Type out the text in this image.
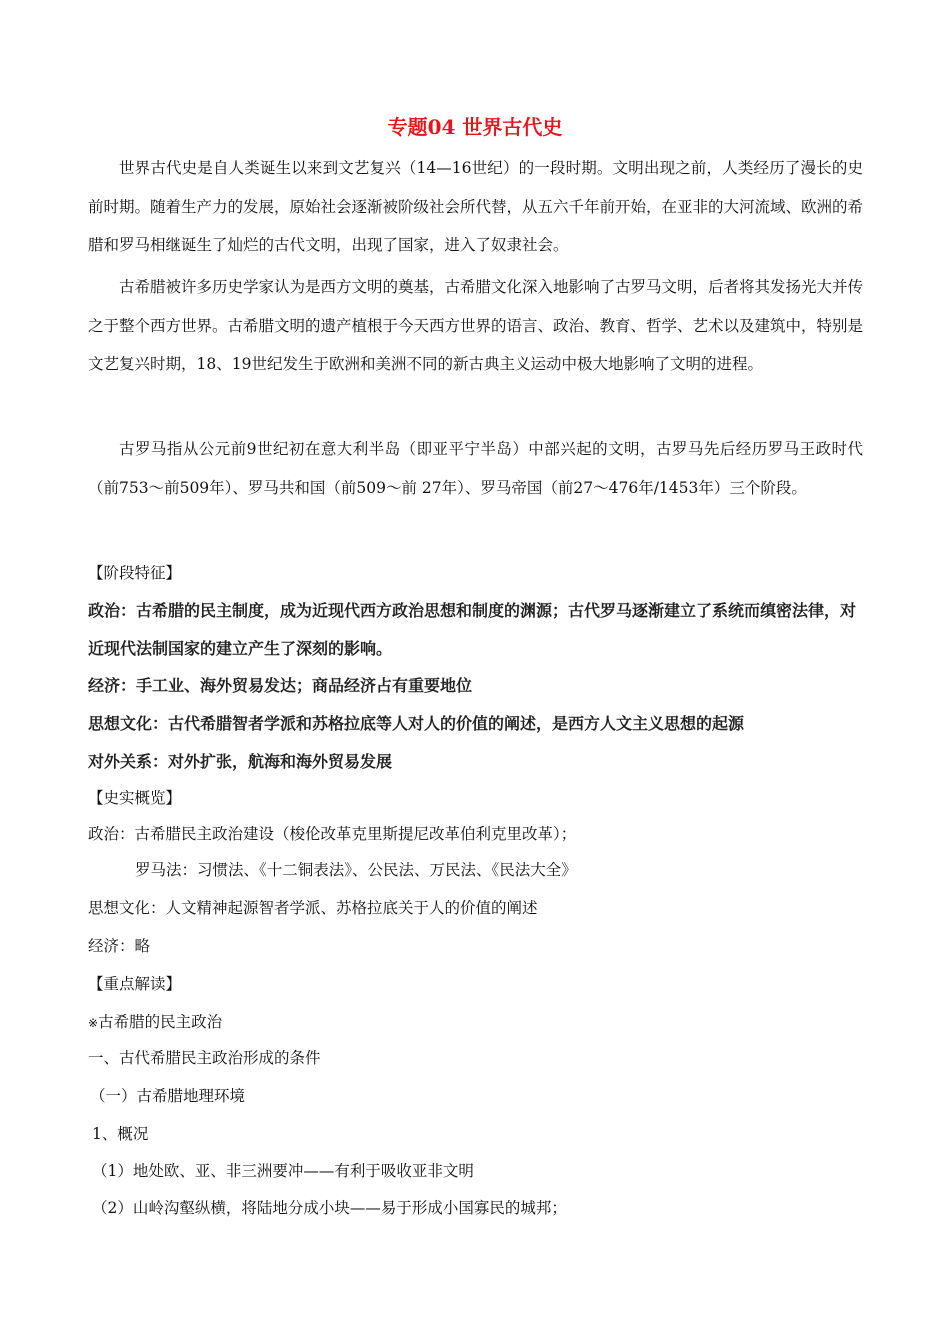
专题04 世界古代史

世界古代史是自人类诞生以来到文艺复兴（14—16世纪）的一段时期。文明出现之前，人类经历了漫长的史前时期。随着生产力的发展，原始社会逐渐被阶级社会所代替，从五六千年前开始，在亚非的大河流域、欧洲的希腊和罗马相继诞生了灿烂的古代文明，出现了国家，进入了奴隶社会。

古希腊被许多历史学家认为是西方文明的奠基，古希腊文化深入地影响了古罗马文明，后者将其发扬光大并传之于整个西方世界。古希腊文明的遗产植根于今天西方世界的语言、政治、教育、哲学、艺术以及建筑中，特别是文艺复兴时期，18、19世纪发生于欧洲和美洲不同的新古典主义运动中极大地影响了文明的进程。

古罗马指从公元前9世纪初在意大利半岛（即亚平宁半岛）中部兴起的文明，古罗马先后经历罗马王政时代（前753～前509年）、罗马共和国（前509～前 27年）、罗马帝国（前27～476年/1453年）三个阶段。

【阶段特征】
政治：古希腊的民主制度，成为近现代西方政治思想和制度的渊源；古代罗马逐渐建立了系统而缜密法律，对近现代法制国家的建立产生了深刻的影响。
经济：手工业、海外贸易发达；商品经济占有重要地位
思想文化：古代希腊智者学派和苏格拉底等人对人的价值的阐述，是西方人文主义思想的起源
对外关系：对外扩张，航海和海外贸易发展
【史实概览】
政治：古希腊民主政治建设（梭伦改革克里斯提尼改革伯利克里改革）；
罗马法：习惯法、《十二铜表法》、公民法、万民法、《民法大全》
思想文化：人文精神起源智者学派、苏格拉底关于人的价值的阐述
经济：略
【重点解读】
※古希腊的民主政治
一、古代希腊民主政治形成的条件
（一）古希腊地理环境
1、概况
（1）地处欧、亚、非三洲要冲——有利于吸收亚非文明
（2）山岭沟壑纵横，将陆地分成小块——易于形成小国寡民的城邦；
